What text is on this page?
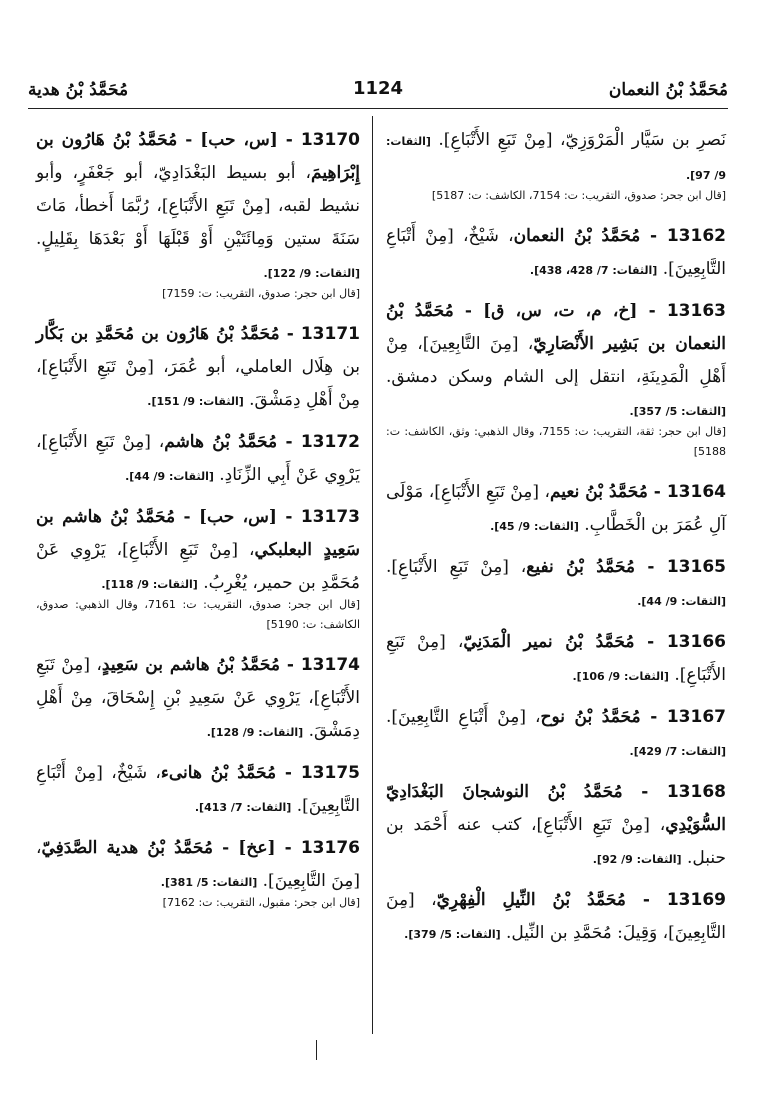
مُحَمَّدُ بْنُ النعمان
1124
مُحَمَّدُ بْنُ هدية
نَصرِ بن سَيَّار الْمَرْوَزِيّ، [مِنْ تَبَعِ الأَتْبَاعِ]. [الثقات: 9/ 97].
[قال ابن جحر: صدوق، التقريب: ت: 7154، الكاشف: ت: 5187]
13162 - مُحَمَّدُ بْنُ النعمان، شَيْخٌ، [مِنْ أَتْبَاعِ التَّابِعِينَ]. [الثقات: 7/ 428، 438].
13163 - [خ، م، ت، س، ق] - مُحَمَّدُ بْنُ النعمان بن بَشِير الأَنْصَارِيّ، [مِنَ التَّابِعِينَ]، مِنْ أَهْلِ الْمَدِينَةِ، انتقل إلى الشام وسكن دمشق. [الثقات: 5/ 357].
[قال ابن حجر: ثقة، التقريب: ت: 7155، وقال الذهبي: وثق، الكاشف: ت: 5188]
13164 - مُحَمَّدُ بْنُ نعيم، [مِنْ تَبَعِ الأَتْبَاعِ]، مَوْلَى آلِ عُمَرَ بن الْخَطَّابِ. [الثقات: 9/ 45].
13165 - مُحَمَّدُ بْنُ نفيع، [مِنْ تَبَعِ الأَتْبَاعِ]. [الثقات: 9/ 44].
13166 - مُحَمَّدُ بْنُ نمير الْمَدَنِيّ، [مِنْ تَبَعِ الأَتْبَاعِ]. [الثقات: 9/ 106].
13167 - مُحَمَّدُ بْنُ نوح، [مِنْ أَتْبَاعِ التَّابِعِينَ]. [الثقات: 7/ 429].
13168 - مُحَمَّدُ بْنُ النوشجانَ البَغْدَادِيّ السُّوَيْدِي، [مِنْ تَبَعِ الأَتْبَاعِ]، كتب عنه أَحْمَد بن حنبل. [الثقات: 9/ 92].
13169 - مُحَمَّدُ بْنُ النِّيلِ الْفِهْرِيّ، [مِنَ التَّابِعِينَ]، وَقِيلَ: مُحَمَّدِ بن النِّيل. [الثقات: 5/ 379].
13170 - [س، حب] - مُحَمَّدُ بْنُ هَارُون بن إِبْرَاهِيمَ، أبو بسيط البَغْدَادِيّ، أبو جَعْفَرٍ، وأبو نشيط لقبه، [مِنْ تَبَعِ الأَتْبَاعِ]، رُبَّمَا أَخطأ، مَاتَ سَنَةَ ستين وَمِائَتَيْنِ أَوْ قَبْلَهَا أَوْ بَعْدَهَا بِقَلِيلٍ. [الثقات: 9/ 122].
[قال ابن حجر: صدوق، التقريب: ت: 7159]
13171 - مُحَمَّدُ بْنُ هَارُون بن مُحَمَّدِ بن بَكَّار بن هِلَال العاملي، أبو عُمَرَ، [مِنْ تَبَعِ الأَتْبَاعِ]، مِنْ أَهْلِ دِمَشْقَ. [الثقات: 9/ 151].
13172 - مُحَمَّدُ بْنُ هاشم، [مِنْ تَبَعِ الأَتْبَاعِ]، يَرْوِي عَنْ أَبِي الزِّنَادِ. [الثقات: 9/ 44].
13173 - [س، حب] - مُحَمَّدُ بْنُ هاشم بن سَعِيدٍ البعلبكي، [مِنْ تَبَعِ الأَتْبَاعِ]، يَرْوِي عَنْ مُحَمَّدِ بن حمير، يُغْرِبُ. [الثقات: 9/ 118].
[قال ابن جحر: صدوق، التقريب: ت: 7161، وقال الذهبي: صدوق، الكاشف: ت: 5190]
13174 - مُحَمَّدُ بْنُ هاشم بن سَعِيدٍ، [مِنْ تَبَعِ الأَتْبَاعِ]، يَرْوِي عَنْ سَعِيدِ بْنِ إِسْحَاقَ، مِنْ أَهْلِ دِمَشْقَ. [الثقات: 9/ 128].
13175 - مُحَمَّدُ بْنُ هانىء، شَيْخٌ، [مِنْ أَتْبَاعِ التَّابِعِينَ]. [الثقات: 7/ 413].
13176 - [عخ] - مُحَمَّدُ بْنُ هدية الصَّدَفِيّ، [مِنَ التَّابِعِينَ]. [الثقات: 5/ 381].
[قال ابن جحر: مقبول، التقريب: ت: 7162]
